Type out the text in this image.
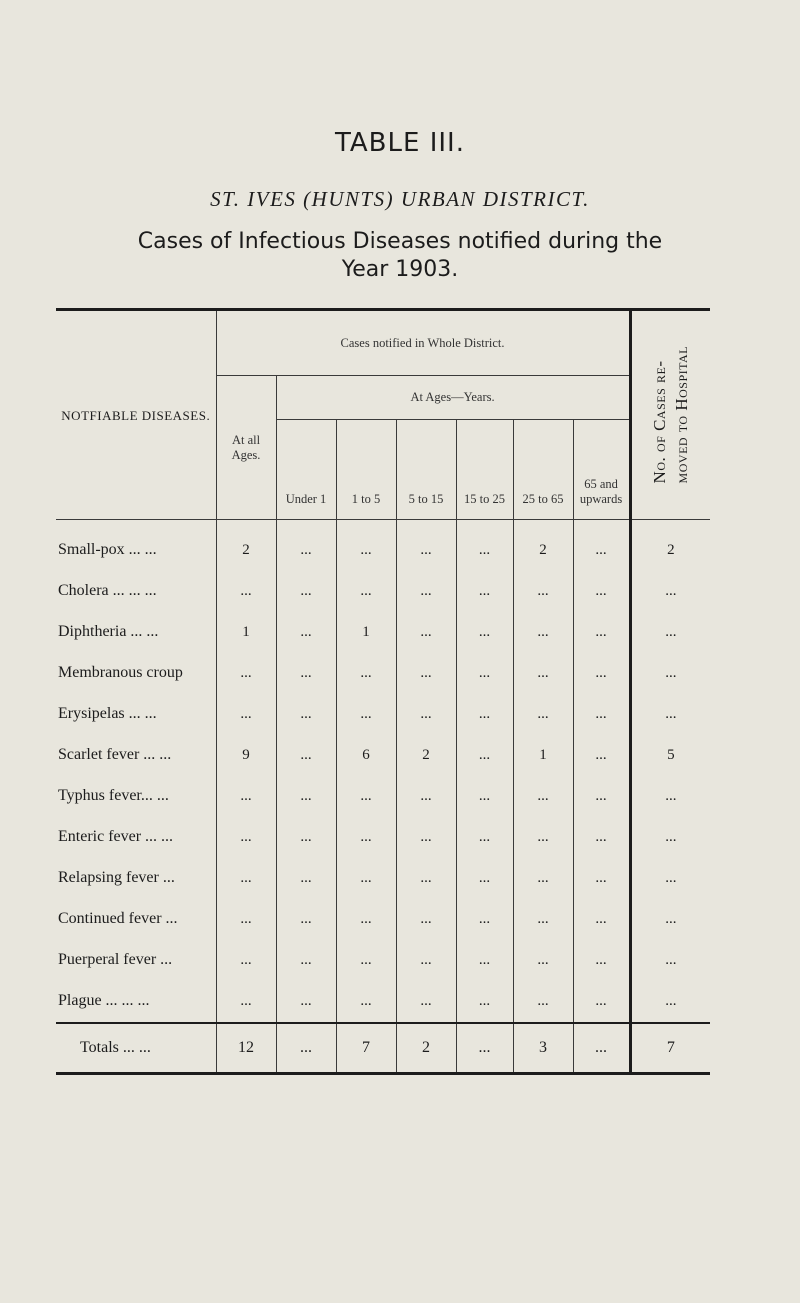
TABLE III.
ST. IVES (HUNTS) URBAN DISTRICT.
Cases of Infectious Diseases notified during the
Year 1903.
NOTFIABLE DISEASES.	Cases notified in Whole District.							No. of Cases re- moved to Hospital

	At all Ages.	At Ages—Years.						
		Under 1	1 to 5	5 to 15	15 to 25	25 to 65	65 and upwards	

Small-pox ... ...	2	...	...	...	...	2	...	2
Cholera ... ... ...	...	...	...	...	...	...	...	...
Diphtheria ... ...	1	...	1	...	...	...	...	...
Membranous croup	...	...	...	...	...	...	...	...
Erysipelas ... ...	...	...	...	...	...	...	...	...
Scarlet fever ... ...	9	...	6	2	...	1	...	5
Typhus fever... ...	...	...	...	...	...	...	...	...
Enteric fever ... ...	...	...	...	...	...	...	...	...
Relapsing fever ...	...	...	...	...	...	...	...	...
Continued fever ...	...	...	...	...	...	...	...	...
Puerperal fever ...	...	...	...	...	...	...	...	...
Plague ... ... ...	...	...	...	...	...	...	...	...
Totals ... ...	12	...	7	2	...	3	...	7
